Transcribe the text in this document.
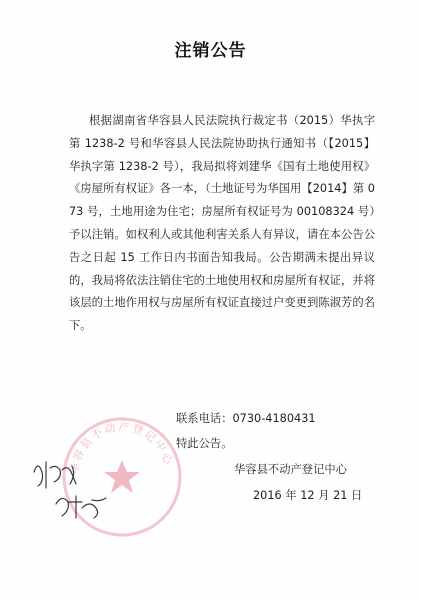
注销公告

根据湖南省华容县人民法院执行裁定书（2015）华执字第 1238-2 号和华容县人民法院协助执行通知书（【2015】华执字第 1238-2 号），我局拟将刘建华《国有土地使用权》《房屋所有权证》各一本，（土地证号为华国用【2014】第 073 号，土地用途为住宅；房屋所有权证号为 00108324 号）予以注销。如权利人或其他利害关系人有异议，请在本公告公告之日起 15 工作日内书面告知我局。公告期满未提出异议的，我局将依法注销住宅的土地使用权和房屋所有权证，并将该层的土地作用权与房屋所有权证直接过户变更到陈淑芳的名下。

华容县不动产登记中心
联系电话：0730-4180431
特此公告。
华容县不动产登记中心
2016 年 12 月 21 日
